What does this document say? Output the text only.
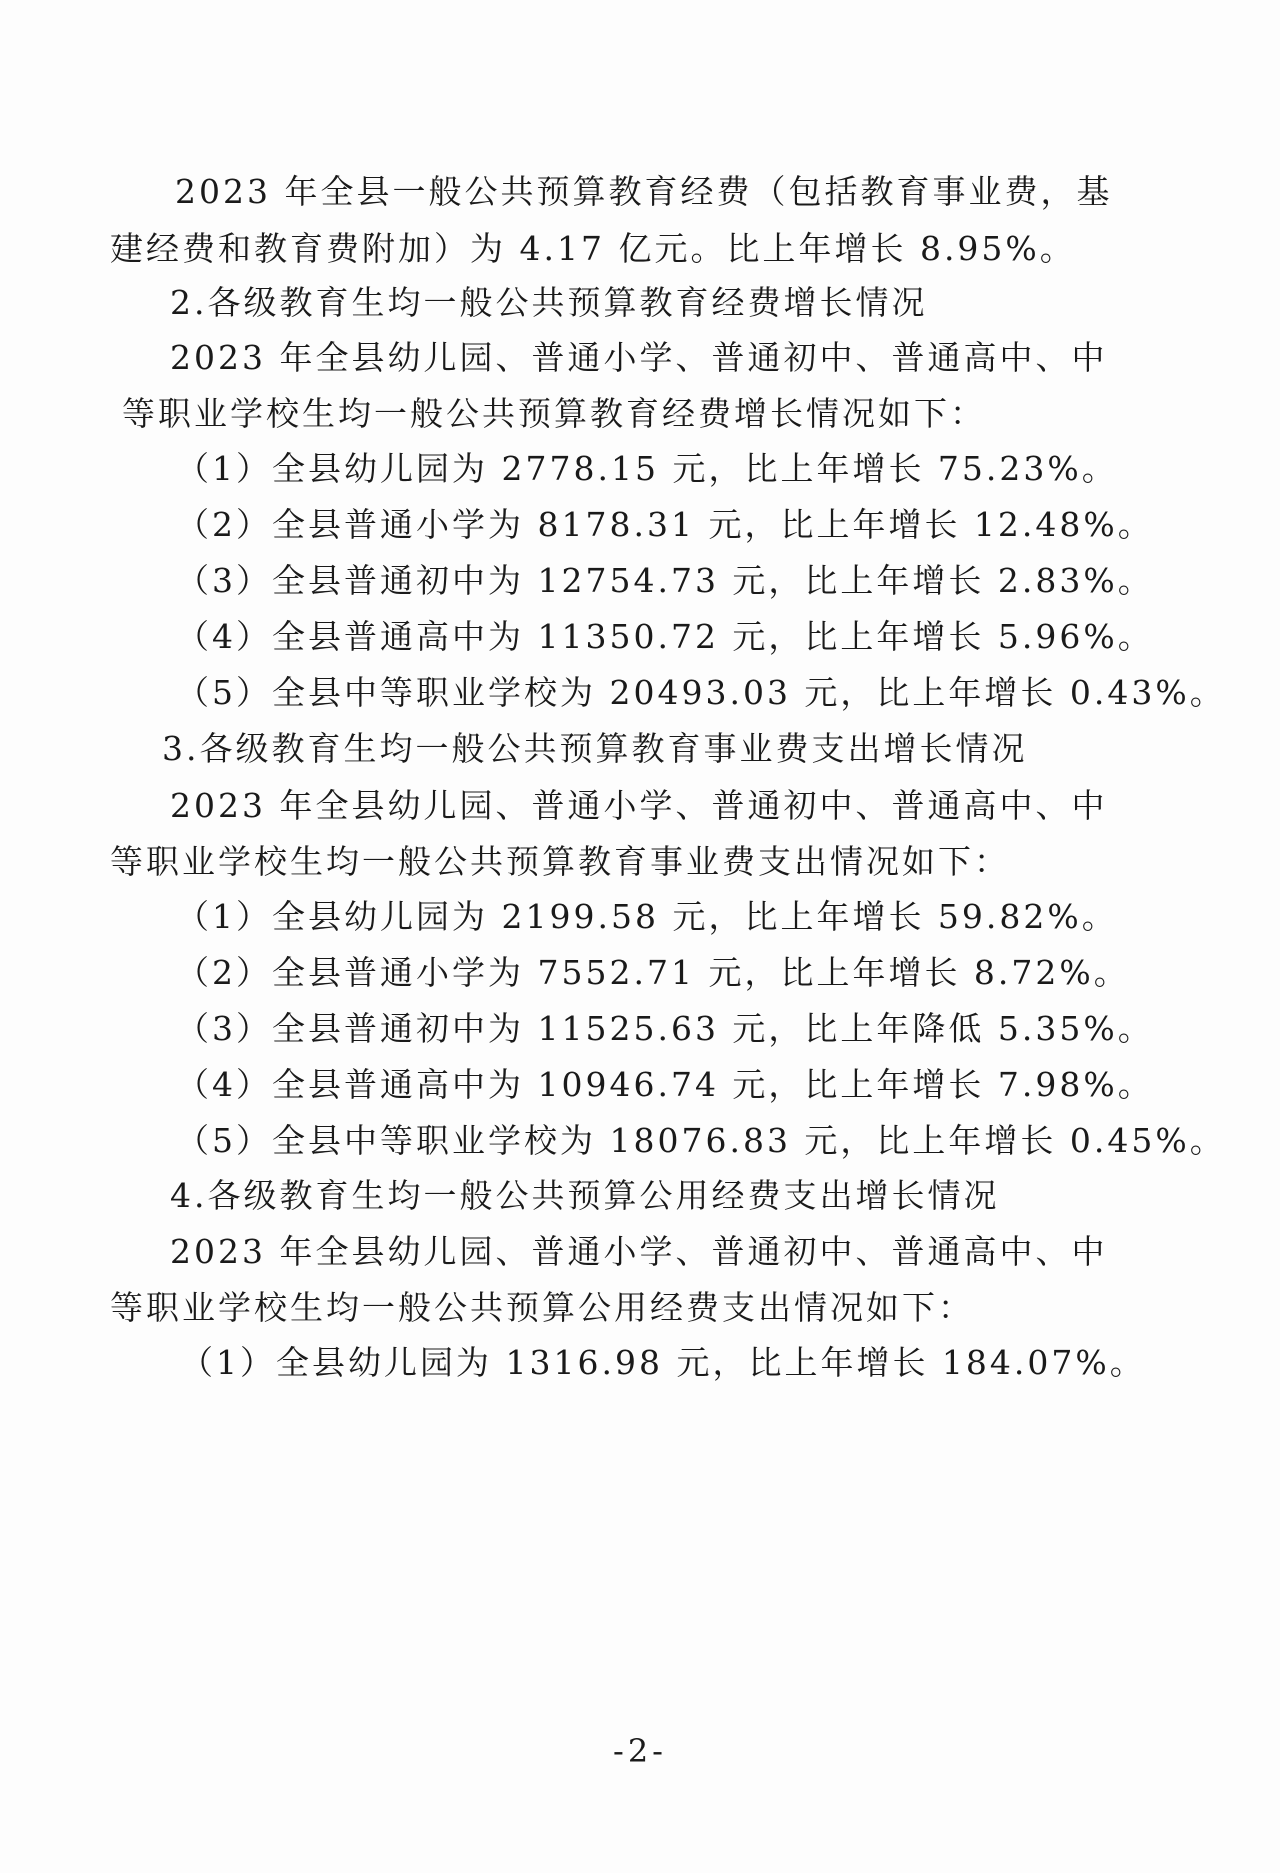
2023 年全县一般公共预算教育经费（包括教育事业费，基
建经费和教育费附加）为 4.17 亿元。比上年增长 8.95%。
2.各级教育生均一般公共预算教育经费增长情况
2023 年全县幼儿园、普通小学、普通初中、普通高中、中
等职业学校生均一般公共预算教育经费增长情况如下：
（1）全县幼儿园为 2778.15 元，比上年增长 75.23%。
（2）全县普通小学为 8178.31 元，比上年增长 12.48%。
（3）全县普通初中为 12754.73 元，比上年增长 2.83%。
（4）全县普通高中为 11350.72 元，比上年增长 5.96%。
（5）全县中等职业学校为 20493.03 元，比上年增长 0.43%。
3.各级教育生均一般公共预算教育事业费支出增长情况
2023 年全县幼儿园、普通小学、普通初中、普通高中、中
等职业学校生均一般公共预算教育事业费支出情况如下：
（1）全县幼儿园为 2199.58 元，比上年增长 59.82%。
（2）全县普通小学为 7552.71 元，比上年增长 8.72%。
（3）全县普通初中为 11525.63 元，比上年降低 5.35%。
（4）全县普通高中为 10946.74 元，比上年增长 7.98%。
（5）全县中等职业学校为 18076.83 元，比上年增长 0.45%。
4.各级教育生均一般公共预算公用经费支出增长情况
2023 年全县幼儿园、普通小学、普通初中、普通高中、中
等职业学校生均一般公共预算公用经费支出情况如下：
（1）全县幼儿园为 1316.98 元，比上年增长 184.07%。
-2-
